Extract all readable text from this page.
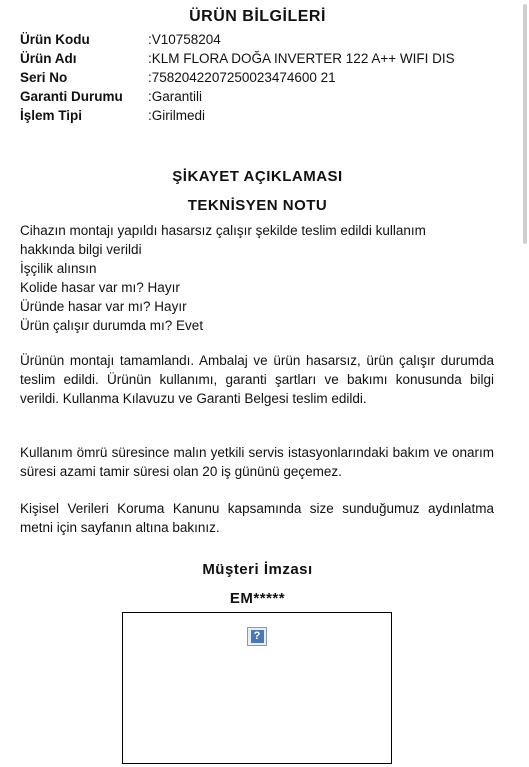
ÜRÜN BİLGİLERİ
Ürün Kodu	:V10758204
Ürün Adı	:KLM FLORA DOĞA INVERTER 122 A++ WIFI DIS
Seri No	:7582042207250023474600 21
Garanti Durumu :Garantili
İşlem Tipi	:Girilmedi
ŞİKAYET AÇIKLAMASI
TEKNİSYEN NOTU
Cihazın montajı yapıldı hasarsız çalışır şekilde teslim edildi kullanım
hakkında bilgi verildi
İşçilik alınsın
Kolide hasar var mı? Hayır
Üründe hasar var mı? Hayır
Ürün çalışır durumda mı? Evet
Ürünün montajı tamamlandı. Ambalaj ve ürün hasarsız, ürün çalışır durumda teslim edildi. Ürünün kullanımı, garanti şartları ve bakımı konusunda bilgi verildi. Kullanma Kılavuzu ve Garanti Belgesi teslim edildi.
Kullanım ömrü süresince malın yetkili servis istasyonlarındaki bakım ve onarım süresi azami tamir süresi olan 20 iş gününü geçemez.
Kişisel Verileri Koruma Kanunu kapsamında size sunduğumuz aydınlatma metni için sayfanın altına bakınız.
Müşteri İmzası
EM*****
?
